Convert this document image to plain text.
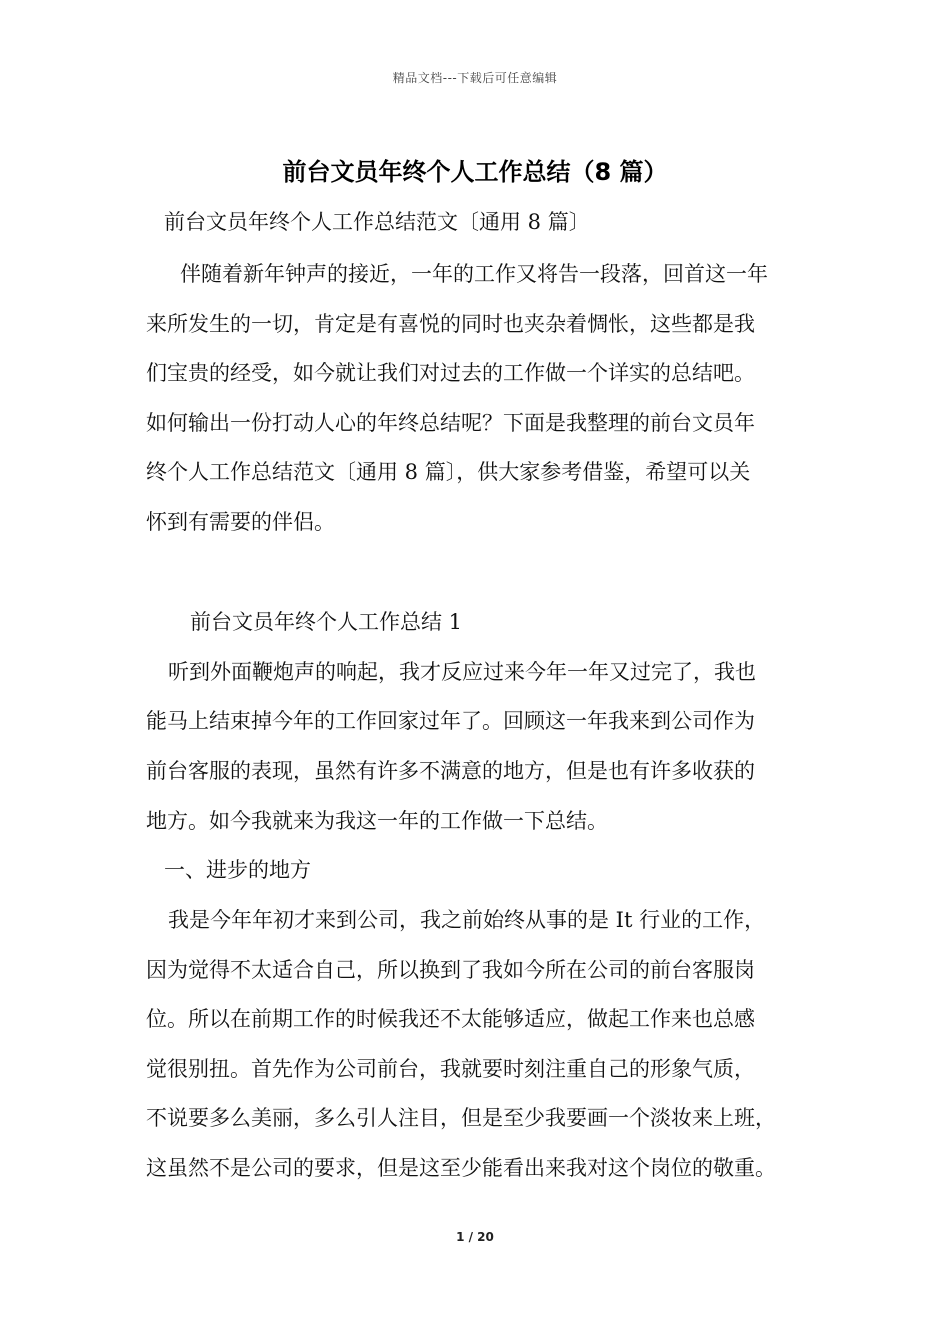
精品文档---下载后可任意编辑
前台文员年终个人工作总结（8 篇）
前台文员年终个人工作总结范文〔通用 8 篇〕
伴随着新年钟声的接近，一年的工作又将告一段落，回首这一年
来所发生的一切，肯定是有喜悦的同时也夹杂着惆怅，这些都是我
们宝贵的经受，如今就让我们对过去的工作做一个详实的总结吧。
如何输出一份打动人心的年终总结呢？下面是我整理的前台文员年
终个人工作总结范文〔通用 8 篇〕，供大家参考借鉴，希望可以关
怀到有需要的伴侣。
前台文员年终个人工作总结 1
听到外面鞭炮声的响起，我才反应过来今年一年又过完了，我也
能马上结束掉今年的工作回家过年了。回顾这一年我来到公司作为
前台客服的表现，虽然有许多不满意的地方，但是也有许多收获的
地方。如今我就来为我这一年的工作做一下总结。
一、进步的地方
我是今年年初才来到公司，我之前始终从事的是 It 行业的工作，
因为觉得不太适合自己，所以换到了我如今所在公司的前台客服岗
位。所以在前期工作的时候我还不太能够适应，做起工作来也总感
觉很别扭。首先作为公司前台，我就要时刻注重自己的形象气质，
不说要多么美丽，多么引人注目，但是至少我要画一个淡妆来上班，
这虽然不是公司的要求，但是这至少能看出来我对这个岗位的敬重。
1 / 20
